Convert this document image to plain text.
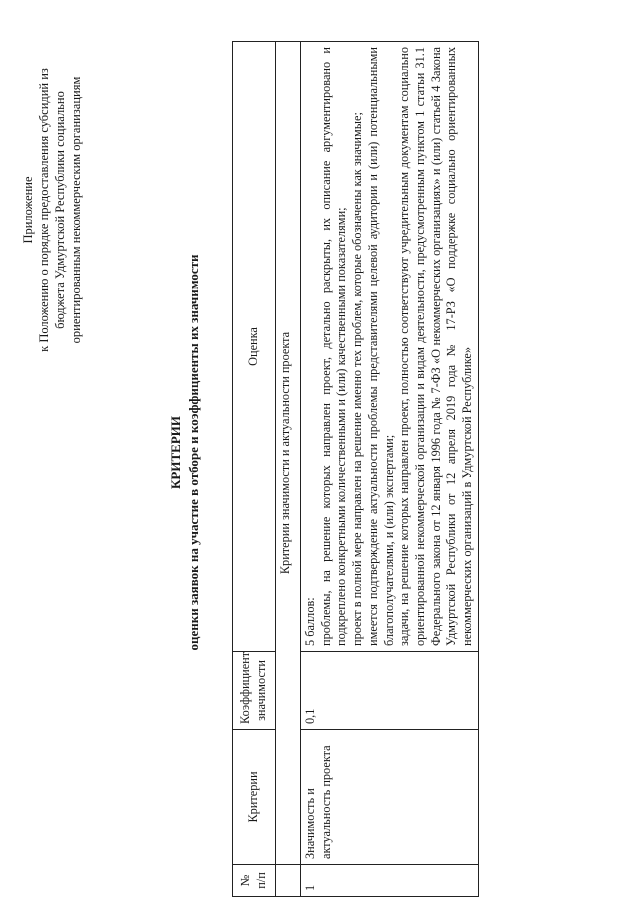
Приложение к Положению о порядке предоставления субсидий из бюджета Удмуртской Республики социально ориентированным некоммерческим организациям
КРИТЕРИИ оценки заявок на участие в отборе и коэффициенты их значимости
№ п/п	Критерии	Коэффициент значимости	Оценка
	Критерии значимости и актуальности проекта		
1	Значимость и актуальность проекта	0,1	5 баллов: проблемы, на решение которых направлен проект, детально раскрыты, их описание аргументировано и подкреплено конкретными количественными и (или) качественными показателями; проект в полной мере направлен на решение именно тех проблем, которые обозначены как значимые; имеется подтверждение актуальности проблемы представителями целевой аудитории и (или) потенциальными благополучателями, и (или) экспертами; задачи, на решение которых направлен проект, полностью соответствуют учредительным документам социально ориентированной некоммерческой организации и видам деятельности, предусмотренным пунктом 1 статьи 31.1 Федерального закона от 12 января 1996 года № 7-ФЗ «О некоммерческих организациях» и (или) статьей 4 Закона Удмуртской Республики от 12 апреля 2019 года № 17-РЗ «О поддержке социально ориентированных некоммерческих организаций в Удмуртской Республике»
